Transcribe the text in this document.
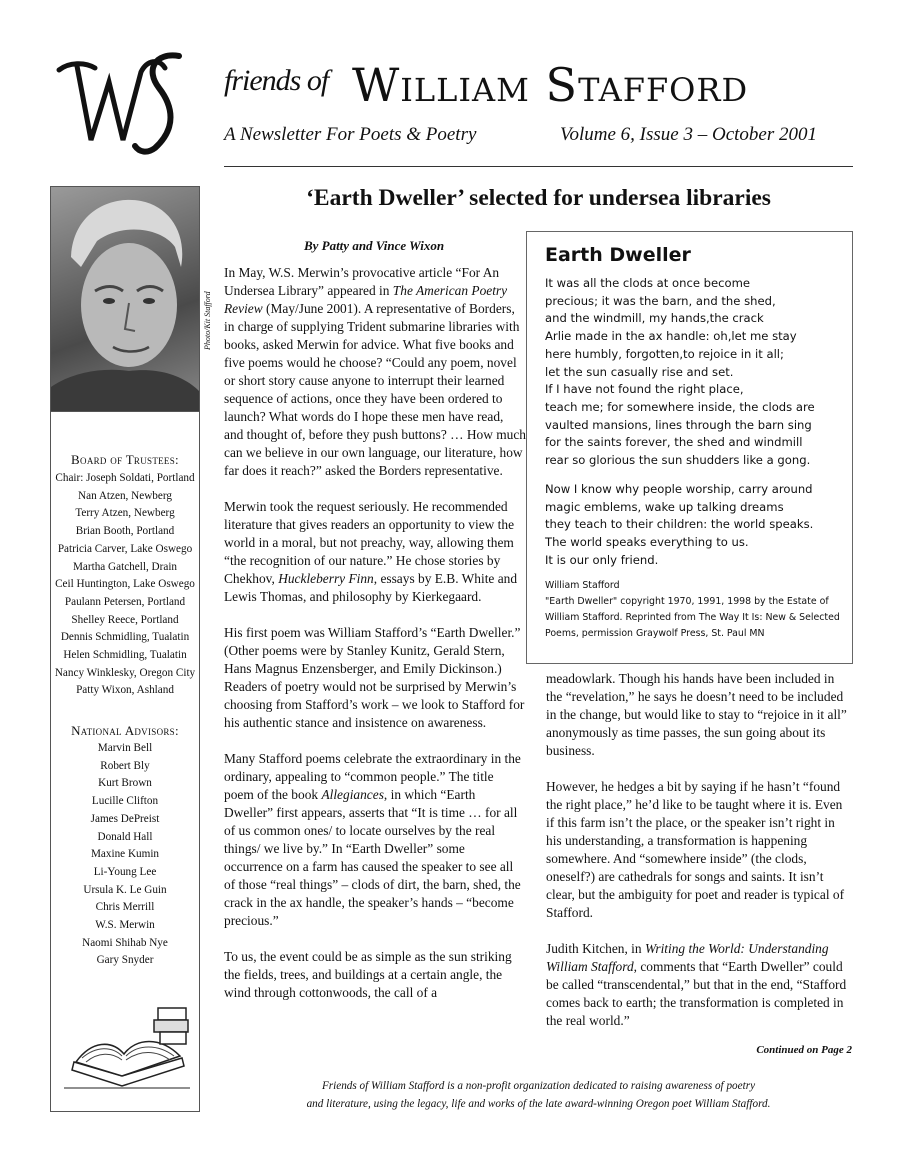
friends of William Stafford
A Newsletter For Poets & Poetry	Volume 6, Issue 3 – October 2001
Photo/Kit Stafford
Board of Trustees:
Chair: Joseph Soldati, Portland
Nan Atzen, Newberg
Terry Atzen, Newberg
Brian Booth, Portland
Patricia Carver, Lake Oswego
Martha Gatchell, Drain
Ceil Huntington, Lake Oswego
Paulann Petersen, Portland
Shelley Reece, Portland
Dennis Schmidling, Tualatin
Helen Schmidling, Tualatin
Nancy Winklesky, Oregon City
Patty Wixon, Ashland
National Advisors:
Marvin Bell
Robert Bly
Kurt Brown
Lucille Clifton
James DePreist
Donald Hall
Maxine Kumin
Li-Young Lee
Ursula K. Le Guin
Chris Merrill
W.S. Merwin
Naomi Shihab Nye
Gary Snyder
‘Earth Dweller’ selected for undersea libraries
By Patty and Vince Wixon

In May, W.S. Merwin’s provocative article “For An Undersea Library” appeared in The American Poetry Review (May/June 2001). A representative of Borders, in charge of supplying Trident submarine libraries with books, asked Merwin for advice. What five books and five poems would he choose? “Could any poem, novel or short story cause anyone to interrupt their learned sequence of actions, once they have been ordered to launch? What words do I hope these men have read, and thought of, before they push buttons? … How much can we believe in our own language, our literature, how far does it reach?” asked the Borders representative.

Merwin took the request seriously. He recommended literature that gives readers an opportunity to view the world in a moral, but not preachy, way, allowing them “the recognition of our nature.” He chose stories by Chekhov, Huckleberry Finn, essays by E.B. White and Lewis Thomas, and philosophy by Kierkegaard.

His first poem was William Stafford’s “Earth Dweller.” (Other poems were by Stanley Kunitz, Gerald Stern, Hans Magnus Enzensberger, and Emily Dickinson.) Readers of poetry would not be surprised by Merwin’s choosing from Stafford’s work – we look to Stafford for his authentic stance and insistence on awareness.

Many Stafford poems celebrate the extraordinary in the ordinary, appealing to “common people.” The title poem of the book Allegiances, in which “Earth Dweller” first appears, asserts that “It is time … for all of us common ones/ to locate ourselves by the real things/ we live by.” In “Earth Dweller” some occurrence on a farm has caused the speaker to see all of those “real things” – clods of dirt, the barn, shed, the crack in the ax handle, the speaker’s hands – “become precious.”

To us, the event could be as simple as the sun striking the fields, trees, and buildings at a certain angle, the wind through cottonwoods, the call of a

Earth Dweller
It was all the clods at once become
precious; it was the barn, and the shed,
and the windmill, my hands,the crack
Arlie made in the ax handle: oh,let me stay
here humbly, forgotten,to rejoice in it all;
let the sun casually rise and set.
If I have not found the right place,
teach me; for somewhere inside, the clods are
vaulted mansions, lines through the barn sing
for the saints forever, the shed and windmill
rear so glorious the sun shudders like a gong.
Now I know why people worship, carry around
magic emblems, wake up talking dreams
they teach to their children: the world speaks.
The world speaks everything to us.
It is our only friend.
William Stafford
"Earth Dweller" copyright 1970, 1991, 1998 by the Estate of William Stafford. Reprinted from The Way It Is: New & Selected Poems, permission Graywolf Press, St. Paul MN

meadowlark. Though his hands have been included in the “revelation,” he says he doesn’t need to be included in the change, but would like to stay to “rejoice in it all” anonymously as time passes, the sun going about its business.

However, he hedges a bit by saying if he hasn’t “found the right place,” he’d like to be taught where it is. Even if this farm isn’t the place, or the speaker isn’t right in his understanding, a transformation is happening somewhere. And “somewhere inside” (the clods, oneself?) are cathedrals for songs and saints. It isn’t clear, but the ambiguity for poet and reader is typical of Stafford.

Judith Kitchen, in Writing the World: Understanding William Stafford, comments that “Earth Dweller” could be called “transcendental,” but that in the end, “Stafford comes back to earth; the transformation is completed in the real world.”

Continued on Page 2
Friends of William Stafford is a non-profit organization dedicated to raising awareness of poetry
and literature, using the legacy, life and works of the late award-winning Oregon poet William Stafford.
